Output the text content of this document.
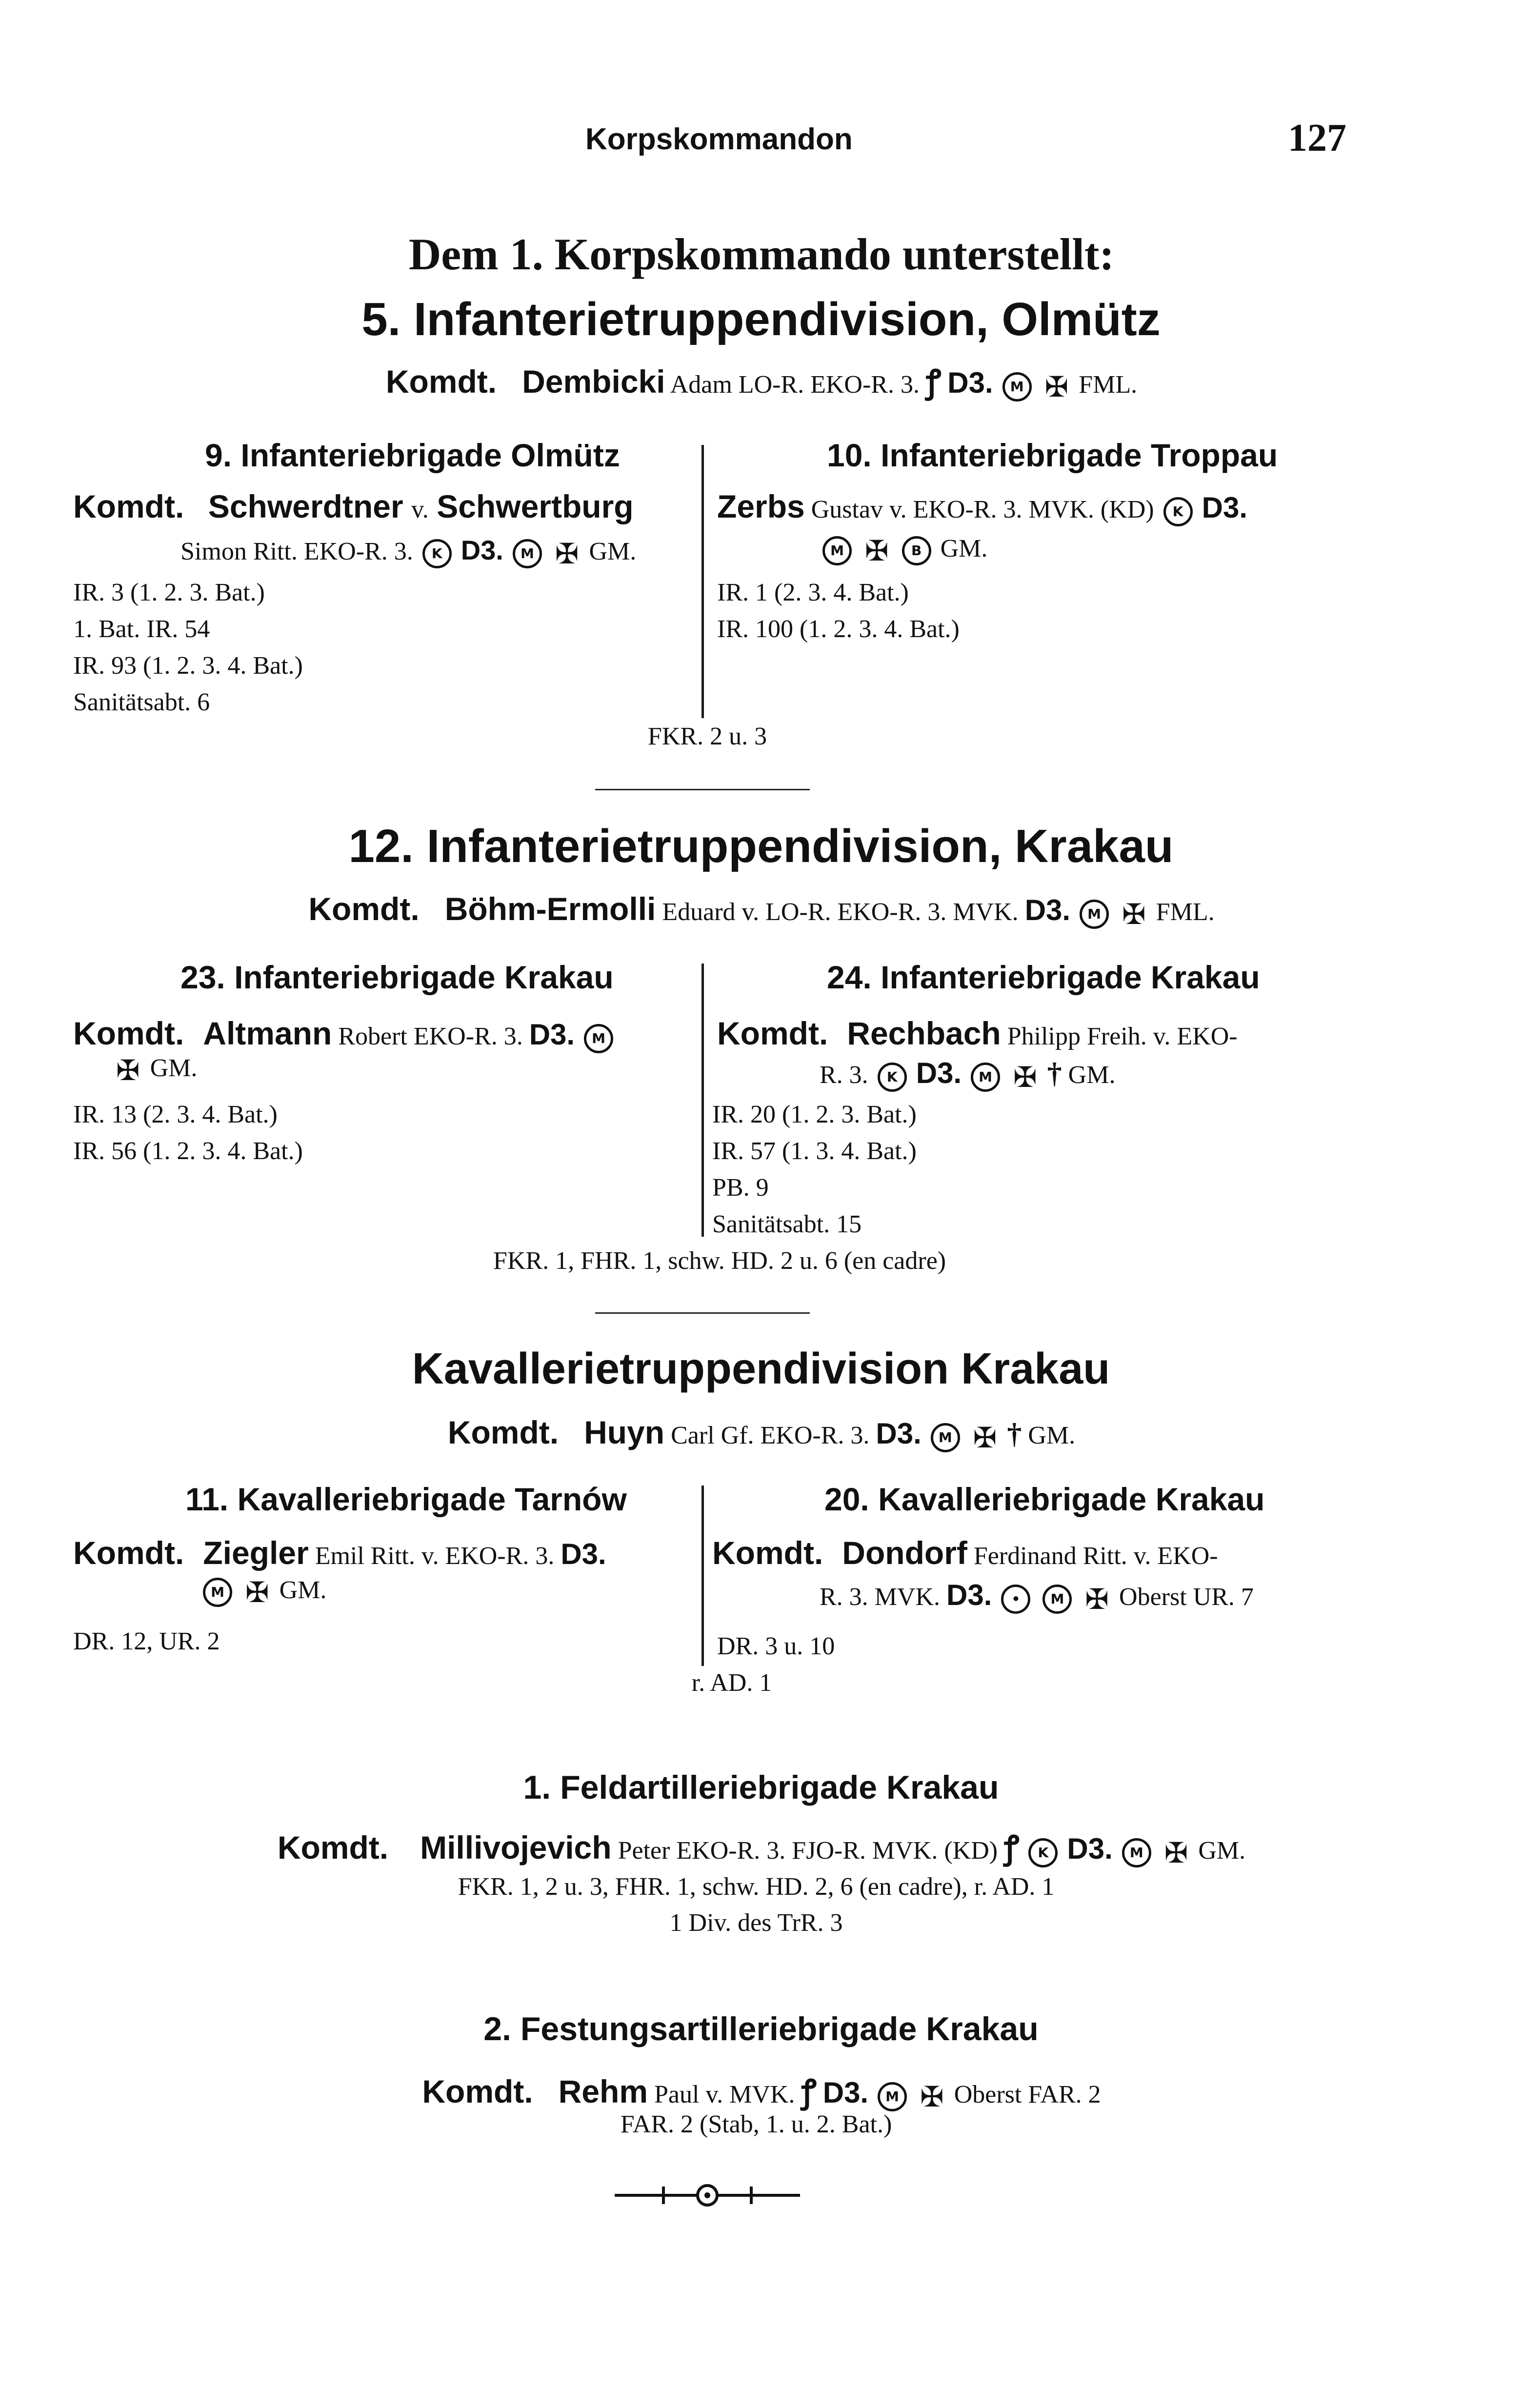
Korpskommandon	127
Dem 1. Korpskommando unterstellt:
5. Infanterietruppendivision, Olmütz
Komdt. Dembicki Adam LO-R. EKO-R. 3. ꝭ D3. M ✠ FML.
9. Infanteriebrigade Olmütz
Komdt. Schwerdtner v. Schwertburg
Simon Ritt. EKO-R. 3. K D3. M ✠ GM.
IR. 3 (1. 2. 3. Bat.)
1. Bat. IR. 54
IR. 93 (1. 2. 3. 4. Bat.)
Sanitätsabt. 6
10. Infanteriebrigade Troppau
Zerbs Gustav v. EKO-R. 3. MVK. (KD) K D3.
M ✠ B GM.
IR. 1 (2. 3. 4. Bat.)
IR. 100 (1. 2. 3. 4. Bat.)
FKR. 2 u. 3
12. Infanterietruppendivision, Krakau
Komdt. Böhm-Ermolli Eduard v. LO-R. EKO-R. 3. MVK. D3. M ✠ FML.
23. Infanteriebrigade Krakau
Komdt. Altmann Robert EKO-R. 3. D3. M
✠ GM.
IR. 13 (2. 3. 4. Bat.)
IR. 56 (1. 2. 3. 4. Bat.)
24. Infanteriebrigade Krakau
Komdt. Rechbach Philipp Freih. v. EKO-
R. 3. K D3. M ✠ † GM.
IR. 20 (1. 2. 3. Bat.)
IR. 57 (1. 3. 4. Bat.)
PB. 9
Sanitätsabt. 15
FKR. 1, FHR. 1, schw. HD. 2 u. 6 (en cadre)
Kavallerietruppendivision Krakau
Komdt. Huyn Carl Gf. EKO-R. 3. D3. M ✠ † GM.
11. Kavalleriebrigade Tarnów
Komdt. Ziegler Emil Ritt. v. EKO-R. 3. D3.
M ✠ GM.
DR. 12, UR. 2
20. Kavalleriebrigade Krakau
Komdt. Dondorf Ferdinand Ritt. v. EKO-
R. 3. MVK. D3. • M ✠ Oberst UR. 7
DR. 3 u. 10
r. AD. 1
1. Feldartilleriebrigade Krakau
Komdt. Millivojevich Peter EKO-R. 3. FJO-R. MVK. (KD) ꝭ K D3. M ✠ GM.
FKR. 1, 2 u. 3, FHR. 1, schw. HD. 2, 6 (en cadre), r. AD. 1
1 Div. des TrR. 3
2. Festungsartilleriebrigade Krakau
Komdt. Rehm Paul v. MVK. ꝭ D3. M ✠ Oberst FAR. 2
FAR. 2 (Stab, 1. u. 2. Bat.)
